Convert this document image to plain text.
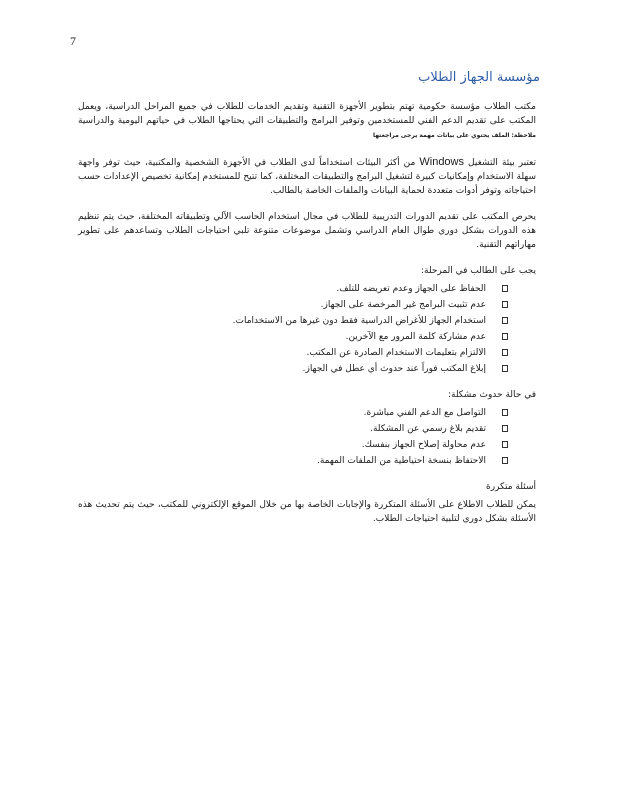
7
مؤسسة الجهاز الطلاب

مكتب الطلاب مؤسسة حكومية تهتم بتطوير الأجهزة التقنية وتقديم الخدمات للطلاب في جميع المراحل الدراسية، ويعمل المكتب على تقديم الدعم الفني للمستخدمين وتوفير البرامج والتطبيقات التي يحتاجها الطلاب في حياتهم اليومية والدراسية ملاحظة: الملف يحتوي على بيانات مهمة يرجى مراجعتها

تعتبر بيئة التشغيل Windows من أكثر البيئات استخداماً لدى الطلاب في الأجهزة الشخصية والمكتبية، حيث توفر واجهة سهلة الاستخدام وإمكانيات كبيرة لتشغيل البرامج والتطبيقات المختلفة، كما تتيح للمستخدم إمكانية تخصيص الإعدادات حسب احتياجاته وتوفر أدوات متعددة لحماية البيانات والملفات الخاصة بالطالب.

يحرص المكتب على تقديم الدورات التدريبية للطلاب في مجال استخدام الحاسب الآلي وتطبيقاته المختلفة، حيث يتم تنظيم هذه الدورات بشكل دوري طوال العام الدراسي وتشمل موضوعات متنوعة تلبي احتياجات الطلاب وتساعدهم على تطوير مهاراتهم التقنية.

يجب على الطالب في المرحلة:
الحفاظ على الجهاز وعدم تعريضه للتلف.
عدم تثبيت البرامج غير المرخصة على الجهاز.
استخدام الجهاز للأغراض الدراسية فقط دون غيرها من الاستخدامات.
عدم مشاركة كلمة المرور مع الآخرين.
الالتزام بتعليمات الاستخدام الصادرة عن المكتب.
إبلاغ المكتب فوراً عند حدوث أي عطل في الجهاز.
في حالة حدوث مشكلة:
التواصل مع الدعم الفني مباشرة.
تقديم بلاغ رسمي عن المشكلة.
عدم محاولة إصلاح الجهاز بنفسك.
الاحتفاظ بنسخة احتياطية من الملفات المهمة.
أسئلة متكررة

يمكن للطلاب الاطلاع على الأسئلة المتكررة والإجابات الخاصة بها من خلال الموقع الإلكتروني للمكتب، حيث يتم تحديث هذه الأسئلة بشكل دوري لتلبية احتياجات الطلاب.
